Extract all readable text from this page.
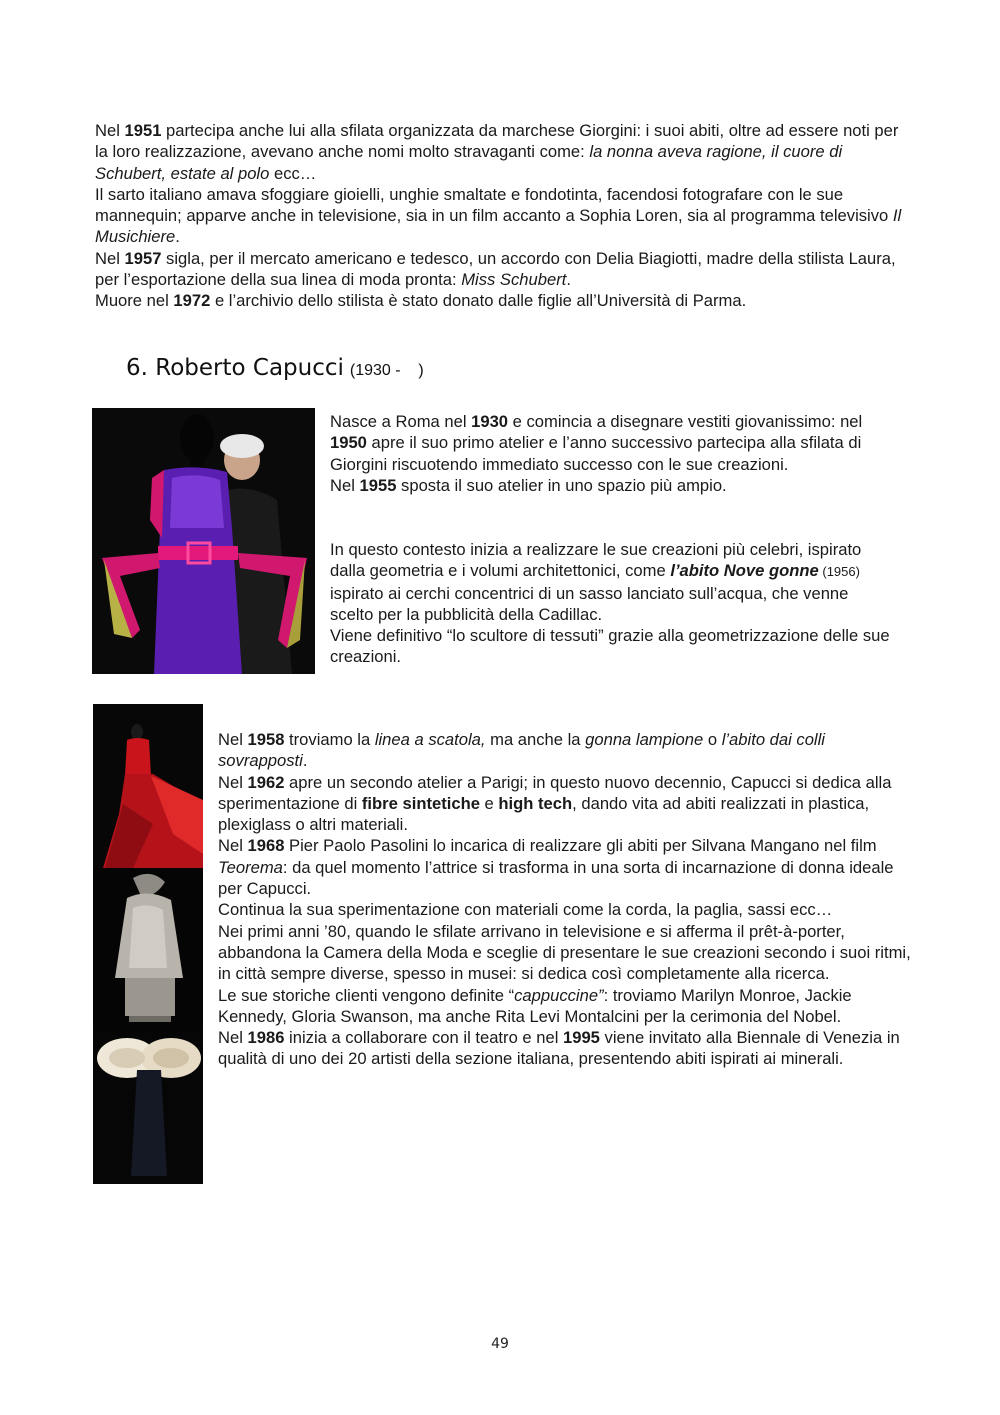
Nel 1951 partecipa anche lui alla sfilata organizzata da marchese Giorgini: i suoi abiti, oltre ad essere noti per la loro realizzazione, avevano anche nomi molto stravaganti come: la nonna aveva ragione, il cuore di Schubert, estate al polo ecc…
Il sarto italiano amava sfoggiare gioielli, unghie smaltate e fondotinta, facendosi fotografare con le sue mannequin; apparve anche in televisione, sia in un film accanto a Sophia Loren, sia al programma televisivo Il Musichiere.
Nel 1957 sigla, per il mercato americano e tedesco, un accordo con Delia Biagiotti, madre della stilista Laura, per l’esportazione della sua linea di moda pronta: Miss Schubert.
Muore nel 1972 e l’archivio dello stilista è stato donato dalle figlie all’Università di Parma.

6. Roberto Capucci (1930 -    )

Nasce a Roma nel 1930 e comincia a disegnare vestiti giovanissimo: nel 1950 apre il suo primo atelier e l’anno successivo partecipa alla sfilata di Giorgini riscuotendo immediato successo con le sue creazioni.
Nel 1955 sposta il suo atelier in uno spazio più ampio.

In questo contesto inizia a realizzare le sue creazioni più celebri, ispirato dalla geometria e i volumi architettonici, come l’abito Nove gonne (1956) ispirato ai cerchi concentrici di un sasso lanciato sull’acqua, che venne scelto per la pubblicità della Cadillac.
Viene definitivo “lo scultore di tessuti” grazie alla geometrizzazione delle sue creazioni.

Nel 1958 troviamo la linea a scatola, ma anche la gonna lampione o l’abito dai colli sovrapposti.
Nel 1962 apre un secondo atelier a Parigi; in questo nuovo decennio, Capucci si dedica alla sperimentazione di fibre sintetiche e high tech, dando vita ad abiti realizzati in plastica, plexiglass o altri materiali.
Nel 1968 Pier Paolo Pasolini lo incarica di realizzare gli abiti per Silvana Mangano nel film Teorema: da quel momento l’attrice si trasforma in una sorta di incarnazione di donna ideale per Capucci.
Continua la sua sperimentazione con materiali come la corda, la paglia, sassi ecc…
Nei primi anni ’80, quando le sfilate arrivano in televisione e si afferma il prêt-à-porter, abbandona la Camera della Moda e sceglie di presentare le sue creazioni secondo i suoi ritmi, in città sempre diverse, spesso in musei: si dedica così completamente alla ricerca.
Le sue storiche clienti vengono definite “cappuccine”: troviamo Marilyn Monroe, Jackie Kennedy, Gloria Swanson, ma anche Rita Levi Montalcini per la cerimonia del Nobel.
Nel 1986 inizia a collaborare con il teatro e nel 1995 viene invitato alla Biennale di Venezia in qualità di uno dei 20 artisti della sezione italiana, presentendo abiti ispirati ai minerali.

49
